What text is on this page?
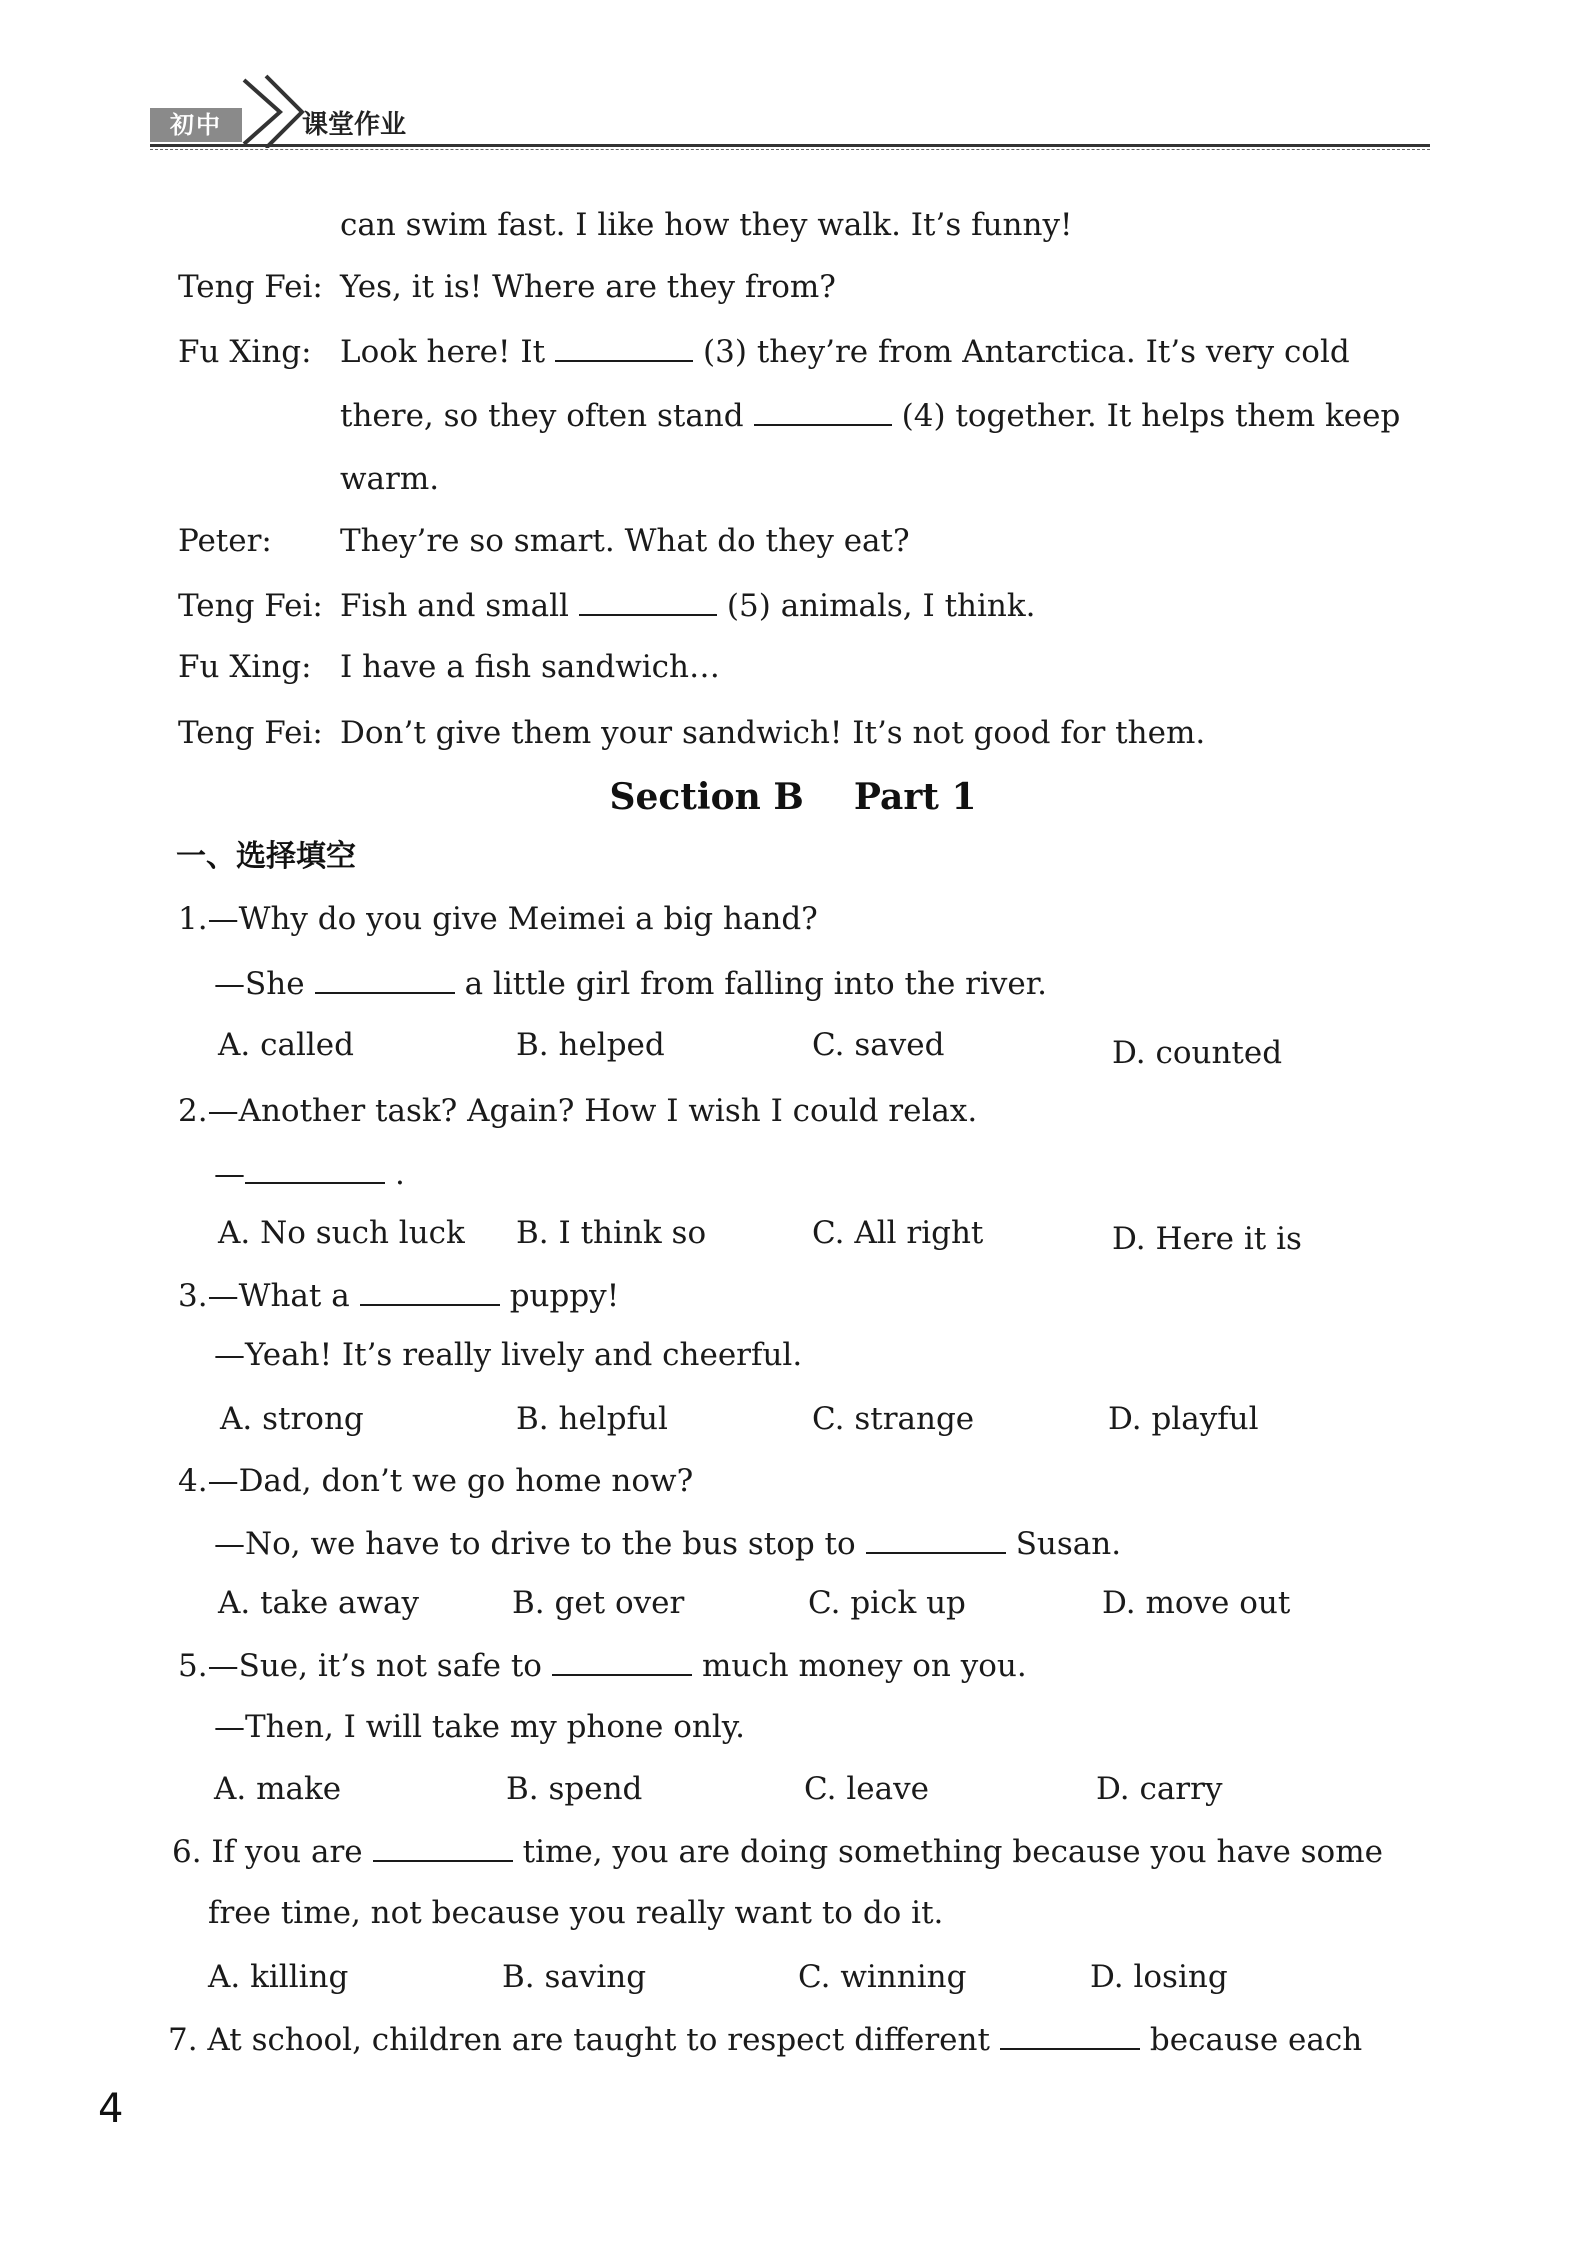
初中	课堂作业
can swim fast. I like how they walk. It’s funny!
Teng Fei: Yes, it is! Where are they from?
Fu Xing: Look here! It	(3) they’re from Antarctica. It’s very cold
there, so they often stand	(4) together. It helps them keep
warm.
Peter: They’re so smart. What do they eat?
Teng Fei: Fish and small	(5) animals, I think.
Fu Xing: I have a fish sandwich…
Teng Fei: Don’t give them your sandwich! It’s not good for them.
Section B    Part 1
一、选择填空
1.—Why do you give Meimei a big hand?
—She	a little girl from falling into the river.
A. called	B. helped	C. saved	D. counted
2.—Another task? Again? How I wish I could relax.
—	.
A. No such luck B. I think so	C. All right	D. Here it is
3.—What a	puppy!
—Yeah! It’s really lively and cheerful.
A. strong	B. helpful	C. strange	D. playful
4.—Dad, don’t we go home now?
—No, we have to drive to the bus stop to	Susan.
A. take away	B. get over	C. pick up	D. move out
5.—Sue, it’s not safe to	much money on you.
—Then, I will take my phone only.
A. make	B. spend	C. leave	D. carry
6. If you are	time, you are doing something because you have some
free time, not because you really want to do it.
A. killing	B. saving	C. winning	D. losing
7. At school, children are taught to respect different	because each
4
